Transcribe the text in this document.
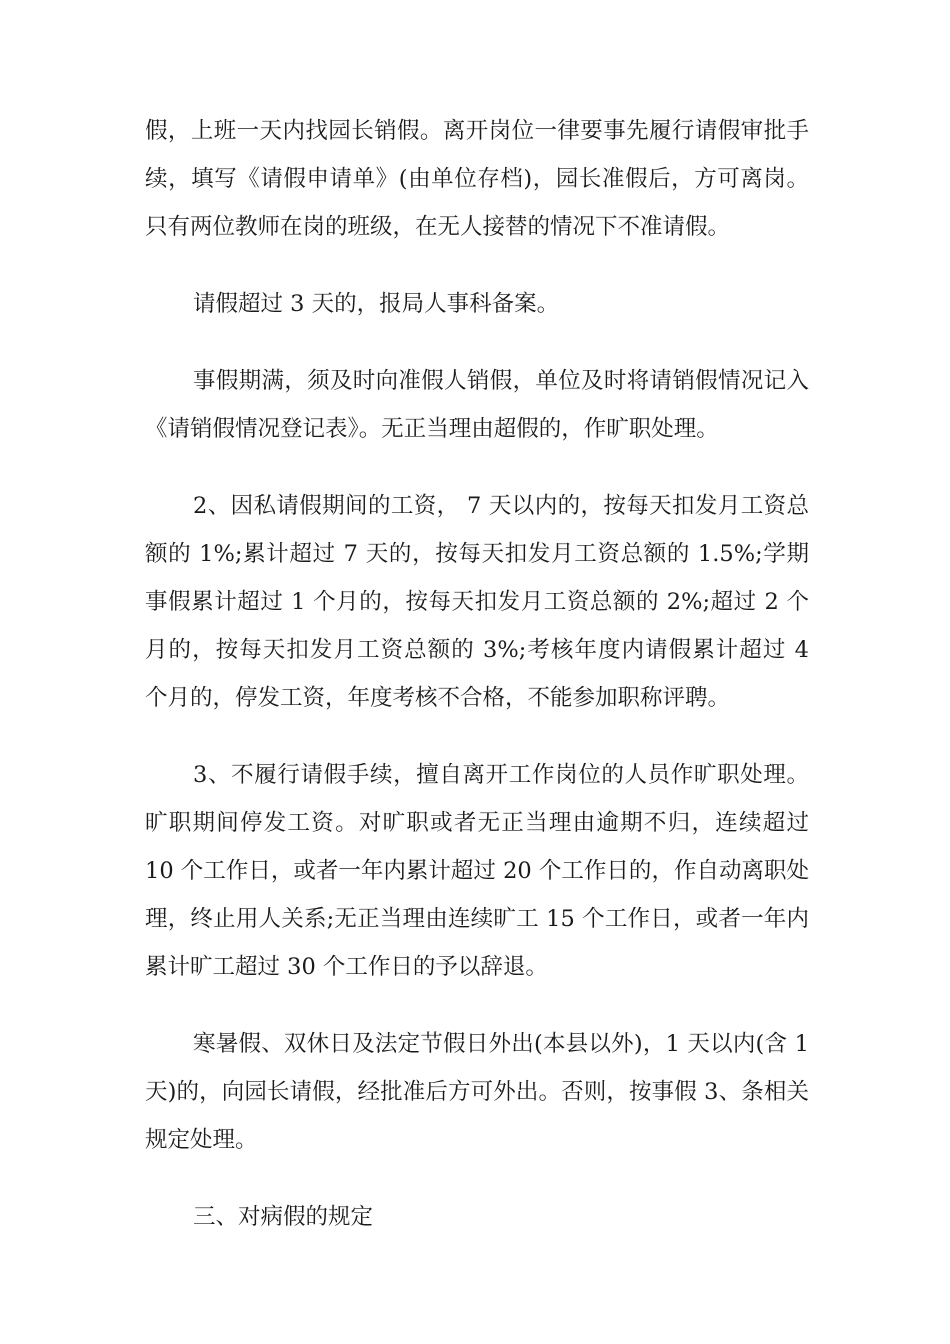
假，上班一天内找园长销假。离开岗位一律要事先履行请假审批手续，填写《请假申请单》(由单位存档)，园长准假后，方可离岗。只有两位教师在岗的班级，在无人接替的情况下不准请假。

请假超过 3 天的，报局人事科备案。

事假期满，须及时向准假人销假，单位及时将请销假情况记入《请销假情况登记表》。无正当理由超假的，作旷职处理。

2、因私请假期间的工资， 7 天以内的，按每天扣发月工资总额的 1%;累计超过 7 天的，按每天扣发月工资总额的 1.5%;学期事假累计超过 1 个月的，按每天扣发月工资总额的 2%;超过 2 个月的，按每天扣发月工资总额的 3%;考核年度内请假累计超过 4 个月的，停发工资，年度考核不合格，不能参加职称评聘。

3、不履行请假手续，擅自离开工作岗位的人员作旷职处理。旷职期间停发工资。对旷职或者无正当理由逾期不归，连续超过 10 个工作日，或者一年内累计超过 20 个工作日的，作自动离职处理，终止用人关系;无正当理由连续旷工 15 个工作日，或者一年内累计旷工超过 30 个工作日的予以辞退。

寒暑假、双休日及法定节假日外出(本县以外)，1 天以内(含 1 天)的，向园长请假，经批准后方可外出。否则，按事假 3、条相关规定处理。

三、对病假的规定
